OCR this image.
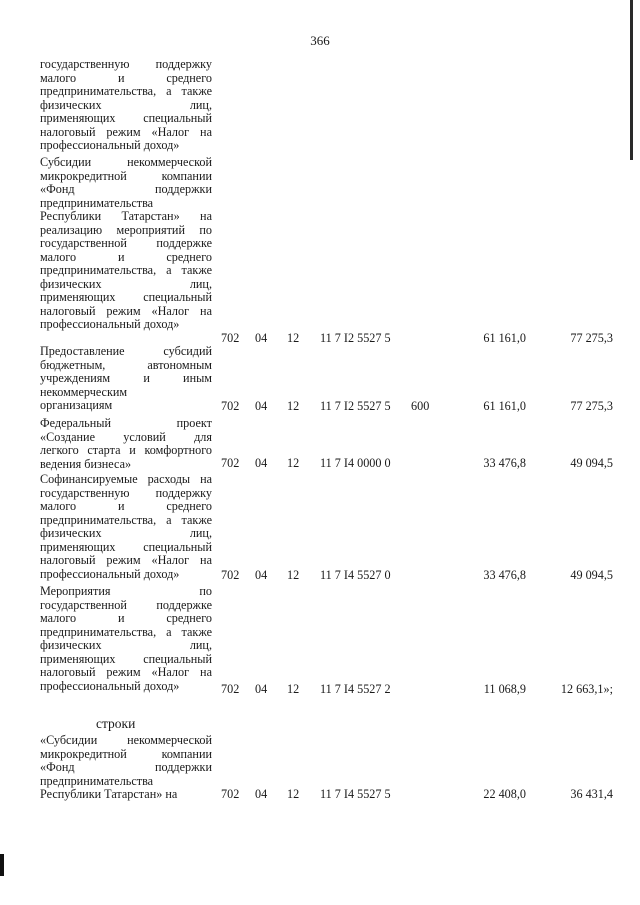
366
государственную поддержку
малого и среднего
предпринимательства, а также
физических лиц,
применяющих специальный
налоговый режим «Налог на
профессиональный доход»
Субсидии некоммерческой
микрокредитной компании
«Фонд поддержки
предпринимательства
Республики Татарстан» на
реализацию мероприятий по
государственной поддержке
малого и среднего
предпринимательства, а также
физических лиц,
применяющих специальный
налоговый режим «Налог на
профессиональный доход»
702 04 12 11 7 I2 5527 5	61 161,0	77 275,3
Предоставление субсидий
бюджетным, автономным
учреждениям и иным
некоммерческим
организациям	702 04 12 11 7 I2 5527 5 600	61 161,0	77 275,3
Федеральный проект
«Создание условий для
легкого старта и комфортного
ведения бизнеса»	702 04 12 11 7 I4 0000 0	33 476,8	49 094,5
Софинансируемые расходы на
государственную поддержку
малого и среднего
предпринимательства, а также
физических лиц,
применяющих специальный
налоговый режим «Налог на
профессиональный доход»	702 04 12 11 7 I4 5527 0	33 476,8	49 094,5
Мероприятия по
государственной поддержке
малого и среднего
предпринимательства, а также
физических лиц,
применяющих специальный
налоговый режим «Налог на
профессиональный доход»	702 04 12 11 7 I4 5527 2	11 068,9	12 663,1»;
строки
«Субсидии некоммерческой
микрокредитной компании
«Фонд поддержки
предпринимательства
Республики Татарстан» на	702 04 12 11 7 I4 5527 5	22 408,0	36 431,4
